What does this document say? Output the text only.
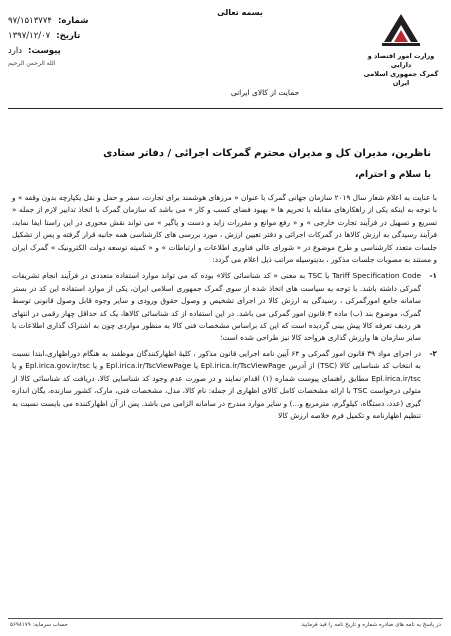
بسمه تعالی
الله الرحمن الرحیم
شماره:
۹۷/۱۵۱۳۷۷۴
تاریخ:
۱۳۹۷/۱۲/۰۷
پیوست:
دارد	وزارت امور اقتصاد و دارایی
گمرک جمهوری اسلامی ایران
حمایت از کالای ایرانی
ناظرین، مدیران کل و مدیران محترم گمرکات اجرائی / دفاتر ستادی
با سلام و احترام،

با عنایت به اعلام شعار سال ۲۰۱۹ سازمان جهانی گمرک با عنوان « مرزهای هوشمند برای تجارت، سفر و حمل و نقل یکپارچه بدون وقفه » و با توجه به اینکه یکی از راهکارهای مقابله با تحریم ها « بهبود فضای کسب و کار » می باشد که سازمان گمرک با اتخاذ تدابیر لازم از جمله « تسریع و تسهیل در فرآیند تجارت خارجی » و « رفع موانع و مقررات زاید و دست و پاگیر » می تواند نقش محوری در این راستا ایفا نماید، فرآیند رسیدگی به ارزش کالاها در گمرکات اجرائی و دفتر تعیین ارزش ، مورد بررسی های کارشناسی همه جانبه قرار گرفته و پس از تشکیل جلسات متعدد کارشناسی و طرح موضوع در « شورای عالی فناوری اطلاعات و ارتباطات » و « کمیته توسعه دولت الکترونیک » گمرک ایران و مستند به مصوبات جلسات مذکور ، بدینوسیله مراتب ذیل اعلام می گردد:

۱-
Tariff Specification Code یا TSC به معنی « کد شناسائی کالا» بوده که می تواند موارد استفاده متعددی در فرآیند انجام تشریفات گمرکی داشته باشد. با توجه به سیاست های اتخاذ شده از سوی گمرک جمهوری اسلامی ایران، یکی از موارد استفاده این کد در بستر سامانه جامع امورگمرکی ، رسیدگی به ارزش کالا در اجرای تشخیص و وصول حقوق ورودی و سایر وجوه قابل وصول قانونی توسط گمرک، موضوع بند (ب) ماده ۳ قانون امور گمرکی می باشد. در این استفاده از کد شناسائی کالاها، یک کد حداقل چهار رقمی در انتهای هر ردیف تعرفه کالا پیش بینی گردیده است که این کد براساس مشخصات فنی کالا به منظور مواردی چون به اشتراک گذاری اطلاعات با سایر سازمان ها وارزش گذاری هرواحد کالا نیز طراحی شده است؛
۲-
در اجرای مواد ۳۹ قانون امور گمرکی و ۶۴ آیین نامه اجرایی قانون مذکور ، کلیهٔ اظهارکنندگان موظفند به هنگام دوراظهاری،ابتدا نسبت به انتخاب کد شناسایی کالا (TSC) از آدرس Epl.irica.ir/TscViewPage یا Epl.irica.ir/TscViewPage و یا Epl.irica.gov.ir/tsc و یا Epl.irica.ir/tsc مطابق راهنمای پیوست شماره (۱) اقدام نمایند و در صورت عدم وجود کد شناسایی کالا، دریافت کد شناسائی کالا از متولی درخواست TSC با ارائه مشخصات کامل کالای اظهاری از جمله: نام کالا، مدل، مشخصات فنی، مارک، کشور سازنده، یگان اندازه گیری (عدد، دستگاه، کیلوگرم، مترمربع و...) و سایر موارد مندرج در سامانه الزامی می باشد. پس از آن اظهارکننده می بایست نسبت به تنظیم اظهارنامه و تکمیل فرم خلاصه ارزش کالا
در پاسخ به نامه های صادره شماره و تاریخ نامه را قید فرمایید
حساب سرمایه: ۵۶۹۸۱۷۹
